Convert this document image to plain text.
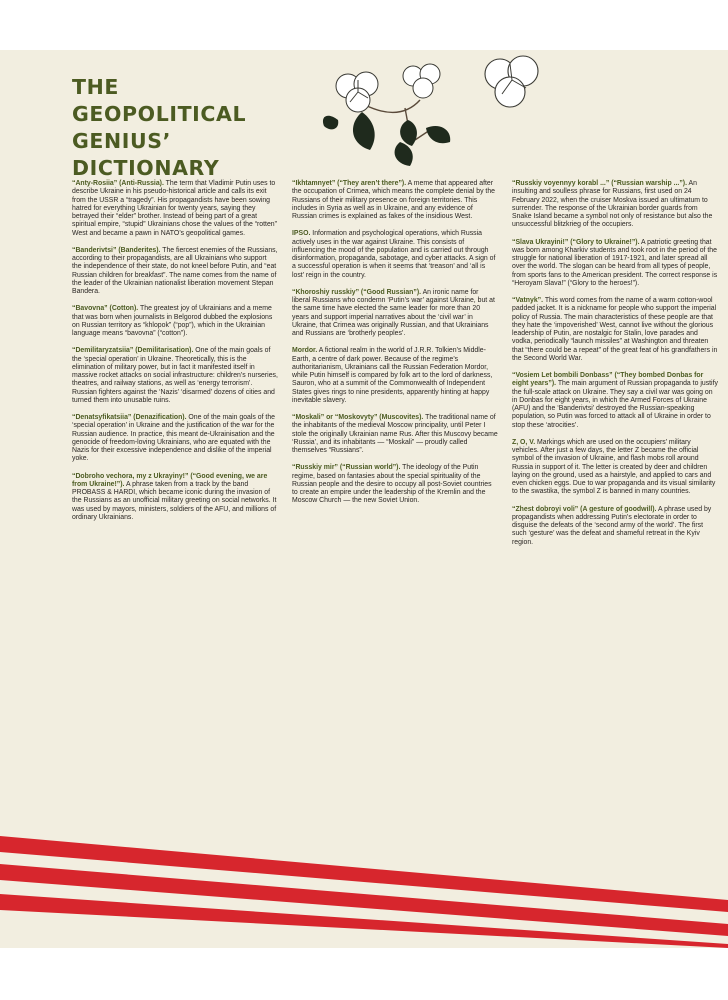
THE
GEOPOLITICAL
GENIUS’
DICTIONARY

“Anty-Rosiia” (Anti-Russia). The term that Vladimir Putin uses to describe Ukraine in his pseudo-historical article and calls its exit from the USSR a “tragedy”. His propagandists have been sowing hatred for everything Ukrainian for twenty years, saying they betrayed their “elder” brother. Instead of being part of a great spiritual empire, “stupid” Ukrainians chose the values of the “rotten” West and became a pawn in NATO’s geopolitical games.

“Banderivtsi” (Banderites). The fiercest enemies of the Russians, according to their propagandists, are all Ukrainians who support the independence of their state, do not kneel before Putin, and “eat Russian children for breakfast”. The name comes from the name of the leader of the Ukrainian nationalist liberation movement Stepan Bandera.

“Bavovna” (Cotton). The greatest joy of Ukrainians and a meme that was born when journalists in Belgorod dubbed the explosions on Russian territory as “khlopok” (“pop”), which in the Ukrainian language means “bavovna” (“cotton”).

“Demilitaryzatsiia” (Demilitarisation). One of the main goals of the ‘special operation’ in Ukraine. Theoretically, this is the elimination of military power, but in fact it manifested itself in massive rocket attacks on social infrastructure: children’s nurseries, theatres, and railway stations, as well as ‘energy terrorism’. Russian fighters against the ‘Nazis’ ‘disarmed’ dozens of cities and turned them into unusable ruins.

“Denatsyfikatsiia” (Denazification). One of the main goals of the ‘special operation’ in Ukraine and the justification of the war for the Russian audience. In practice, this meant de-Ukrainisation and the genocide of freedom-loving Ukrainians, who are equated with the Nazis for their excessive independence and dislike of the imperial yoke.

“Dobroho vechora, my z Ukrayiny!” (“Good evening, we are from Ukraine!”). A phrase taken from a track by the band PROBASS & HARDI, which became iconic during the invasion of the Russians as an unofficial military greeting on social networks. It was used by mayors, ministers, soldiers of the AFU, and millions of ordinary Ukrainians.

“Ikhtamnyet” (“They aren’t there”). A meme that appeared after the occupation of Crimea, which means the complete denial by the Russians of their military presence on foreign territories. This includes in Syria as well as in Ukraine, and any evidence of Russian crimes is explained as fakes of the insidious West.

IPSO. Information and psychological operations, which Russia actively uses in the war against Ukraine. This consists of influencing the mood of the population and is carried out through disinformation, propaganda, sabotage, and cyber attacks. A sign of a successful operation is when it seems that ‘treason’ and ‘all is lost’ reign in the country.

“Khoroshiy russkiy” (“Good Russian”). An ironic name for liberal Russians who condemn ‘Putin’s war’ against Ukraine, but at the same time have elected the same leader for more than 20 years and support imperial narratives about the ‘civil war’ in Ukraine, that Crimea was originally Russian, and that Ukrainians and Russians are ‘brotherly peoples’.

Mordor. A fictional realm in the world of J.R.R. Tolkien’s Middle-Earth, a centre of dark power. Because of the regime’s authoritarianism, Ukrainians call the Russian Federation Mordor, while Putin himself is compared by folk art to the lord of darkness, Sauron, who at a summit of the Commonwealth of Independent States gives rings to nine presidents, apparently hinting at happy inevitable slavery.

“Moskali” or “Moskovyty” (Muscovites). The traditional name of the inhabitants of the medieval Moscow principality, until Peter I stole the originally Ukrainian name Rus. After this Muscovy became ‘Russia’, and its inhabitants — “Moskali” — proudly called themselves “Russians”.

“Russkiy mir” (“Russian world”). The ideology of the Putin regime, based on fantasies about the special spirituality of the Russian people and the desire to occupy all post-Soviet countries to create an empire under the leadership of the Kremlin and the Moscow Church — the new Soviet Union.

“Russkiy voyennyy korabl ...” (“Russian warship ...”). An insulting and soulless phrase for Russians, first used on 24 February 2022, when the cruiser Moskva issued an ultimatum to surrender. The response of the Ukrainian border guards from Snake Island became a symbol not only of resistance but also the unsuccessful blitzkrieg of the occupiers.

“Slava Ukrayini!” (“Glory to Ukraine!”). A patriotic greeting that was born among Kharkiv students and took root in the period of the struggle for national liberation of 1917-1921, and later spread all over the world. The slogan can be heard from all types of people, from sports fans to the American president. The correct response is “Heroyam Slava!” (“Glory to the heroes!”).

“Vatnyk”. This word comes from the name of a warm cotton-wool padded jacket. It is a nickname for people who support the imperial policy of Russia. The main characteristics of these people are that they hate the ‘impoverished’ West, cannot live without the glorious leadership of Putin, are nostalgic for Stalin, love parades and vodka, periodically “launch missiles” at Washington and threaten that “there could be a repeat” of the great feat of his grandfathers in the Second World War.

“Vosiem Let bombili Donbass” (“They bombed Donbas for eight years”). The main argument of Russian propaganda to justify the full-scale attack on Ukraine. They say a civil war was going on in Donbas for eight years, in which the Armed Forces of Ukraine (AFU) and the ‘Banderivtsi’ destroyed the Russian-speaking population, so Putin was forced to attack all of Ukraine in order to stop these ‘atrocities’.

Z, O, V. Markings which are used on the occupiers’ military vehicles. After just a few days, the letter Z became the official symbol of the invasion of Ukraine, and flash mobs roll around Russia in support of it. The letter is created by deer and children laying on the ground, used as a hairstyle, and applied to cars and even chicken eggs. Due to war propaganda and its visual similarity to the swastika, the symbol Z is banned in many countries.

“Zhest dobroyi voli” (A gesture of goodwill). A phrase used by propagandists when addressing Putin’s electorate in order to disguise the defeats of the ‘second army of the world’. The first such ‘gesture’ was the defeat and shameful retreat in the Kyiv region.
